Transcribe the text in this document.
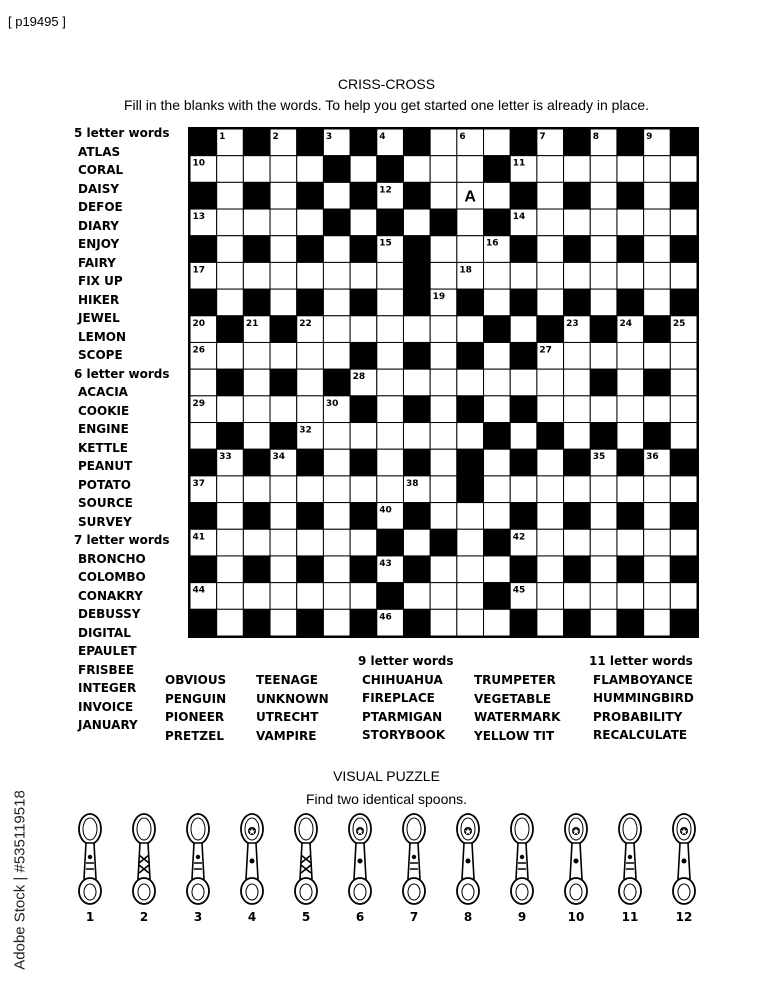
[ p19495 ]
CRISS-CROSS
Fill in the blanks with the words. To help you get started one letter is already in place.
5 letter words
ATLAS
CORAL
DAISY
DEFOE
DIARY
ENJOY
FAIRY
FIX UP
HIKER
JEWEL
LEMON
SCOPE
6 letter words
ACACIA
COOKIE
ENGINE
KETTLE
PEANUT
POTATO
SOURCE
SURVEY
7 letter words
BRONCHO
COLOMBO
CONAKRY
DEBUSSY
DIGITAL
EPAULET
FRISBEE
INTEGER
INVOICE
JANUARY
OBVIOUS
PENGUIN
PIONEER
PRETZEL
TEENAGE
UNKNOWN
UTRECHT
VAMPIRE
9 letter words
CHIHUAHUA
FIREPLACE
PTARMIGAN
STORYBOOK
TRUMPETER
VEGETABLE
WATERMARK
YELLOW TIT
11 letter words
FLAMBOYANCE
HUMMINGBIRD
PROBABILITY
RECALCULATE
1	2	3	4 5	6	7	8	9
10	11
12
13	14
15	16
17	18
19
20	21	22	23	24	25
26	27
28
29	30	31
32
33	34	35	36
37	38	39
40
41	42
43
44	45
46
A
VISUAL PUZZLE
Find two identical spoons.
1	2	3	4	5	6	7	8	9	10	11	12
Adobe Stock | #535119518
